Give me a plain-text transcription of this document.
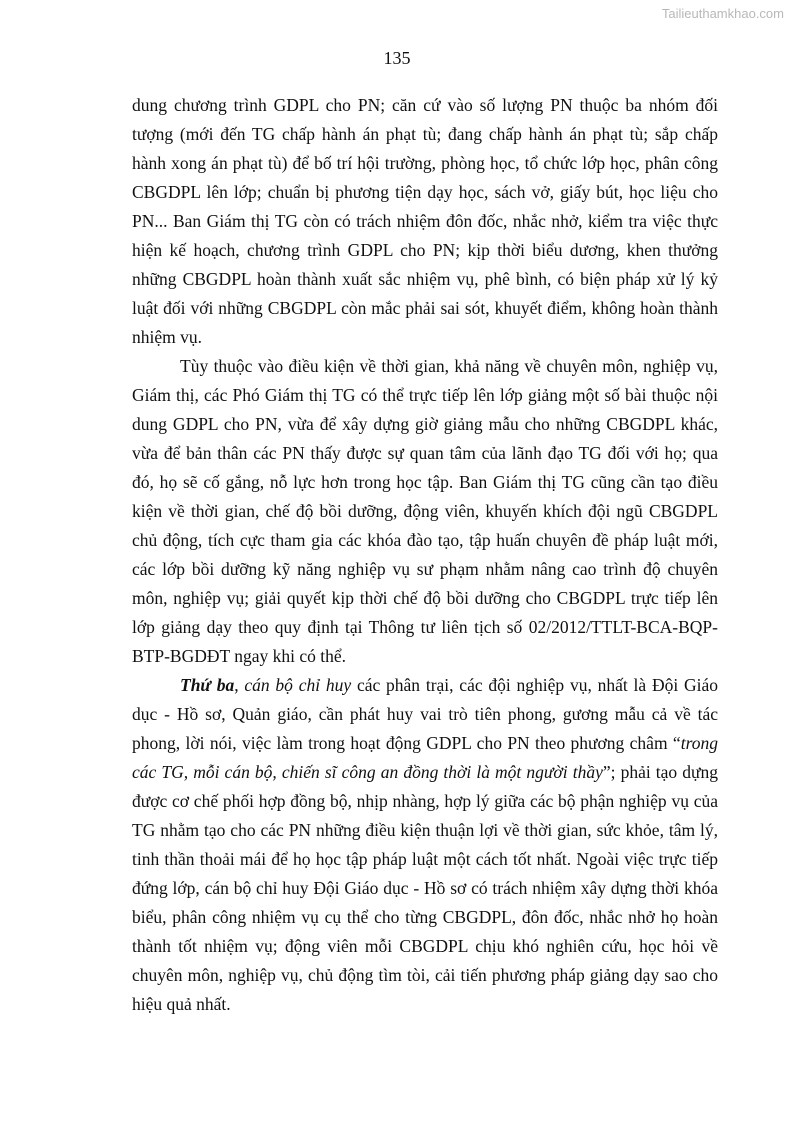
Tailieuthamkhao.com
135

dung chương trình GDPL cho PN; căn cứ vào số lượng PN thuộc ba nhóm đối tượng (mới đến TG chấp hành án phạt tù; đang chấp hành án phạt tù; sắp chấp hành xong án phạt tù) để bố trí hội trường, phòng học, tổ chức lớp học, phân công CBGDPL lên lớp; chuẩn bị phương tiện dạy học, sách vở, giấy bút, học liệu cho PN... Ban Giám thị TG còn có trách nhiệm đôn đốc, nhắc nhở, kiểm tra việc thực hiện kế hoạch, chương trình GDPL cho PN; kịp thời biểu dương, khen thưởng những CBGDPL hoàn thành xuất sắc nhiệm vụ, phê bình, có biện pháp xử lý kỷ luật đối với những CBGDPL còn mắc phải sai sót, khuyết điểm, không hoàn thành nhiệm vụ.

Tùy thuộc vào điều kiện về thời gian, khả năng về chuyên môn, nghiệp vụ, Giám thị, các Phó Giám thị TG có thể trực tiếp lên lớp giảng một số bài thuộc nội dung GDPL cho PN, vừa để xây dựng giờ giảng mẫu cho những CBGDPL khác, vừa để bản thân các PN thấy được sự quan tâm của lãnh đạo TG đối với họ; qua đó, họ sẽ cố gắng, nỗ lực hơn trong học tập. Ban Giám thị TG cũng cần tạo điều kiện về thời gian, chế độ bồi dưỡng, động viên, khuyến khích đội ngũ CBGDPL chủ động, tích cực tham gia các khóa đào tạo, tập huấn chuyên đề pháp luật mới, các lớp bồi dưỡng kỹ năng nghiệp vụ sư phạm nhằm nâng cao trình độ chuyên môn, nghiệp vụ; giải quyết kịp thời chế độ bồi dưỡng cho CBGDPL trực tiếp lên lớp giảng dạy theo quy định tại Thông tư liên tịch số 02/2012/TTLT-BCA-BQP-BTP-BGDĐT ngay khi có thể.

Thứ ba, cán bộ chỉ huy các phân trại, các đội nghiệp vụ, nhất là Đội Giáo dục - Hồ sơ, Quản giáo, cần phát huy vai trò tiên phong, gương mẫu cả về tác phong, lời nói, việc làm trong hoạt động GDPL cho PN theo phương châm “trong các TG, mỗi cán bộ, chiến sĩ công an đồng thời là một người thầy”; phải tạo dựng được cơ chế phối hợp đồng bộ, nhịp nhàng, hợp lý giữa các bộ phận nghiệp vụ của TG nhằm tạo cho các PN những điều kiện thuận lợi về thời gian, sức khỏe, tâm lý, tinh thần thoải mái để họ học tập pháp luật một cách tốt nhất. Ngoài việc trực tiếp đứng lớp, cán bộ chỉ huy Đội Giáo dục - Hồ sơ có trách nhiệm xây dựng thời khóa biểu, phân công nhiệm vụ cụ thể cho từng CBGDPL, đôn đốc, nhắc nhở họ hoàn thành tốt nhiệm vụ; động viên mỗi CBGDPL chịu khó nghiên cứu, học hỏi về chuyên môn, nghiệp vụ, chủ động tìm tòi, cải tiến phương pháp giảng dạy sao cho hiệu quả nhất.
